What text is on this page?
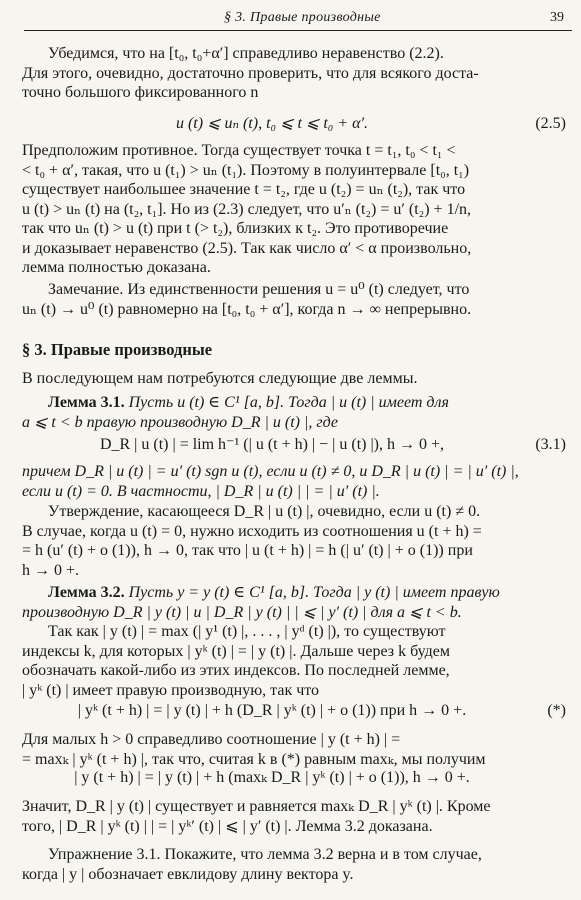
§ 3. Правые производные	39
Убедимся, что на [t₀, t₀+α′] справедливо неравенство (2.2).
Для этого, очевидно, достаточно проверить, что для всякого доста-
точно большого фиксированного n
u (t) ⩽ uₙ (t), t₀ ⩽ t ⩽ t₀ + α′.	(2.5)
Предположим противное. Тогда существует точка t = t₁, t₀ < t₁ <
< t₀ + α′, такая, что u (t₁) > uₙ (t₁). Поэтому в полуинтервале [t₀, t₁)
существует наибольшее значение t = t₂, где u (t₂) = uₙ (t₂), так что
u (t) > uₙ (t) на (t₂, t₁]. Но из (2.3) следует, что u′ₙ (t₂) = u′ (t₂) + 1/n,
так что uₙ (t) > u (t) при t (> t₂), близких к t₂. Это противоречие
и доказывает неравенство (2.5). Так как число α′ < α произвольно,
лемма полностью доказана.
Замечание. Из единственности решения u = u⁰ (t) следует, что
uₙ (t) → u⁰ (t) равномерно на [t₀, t₀ + α′], когда n → ∞ непрерывно.
§ 3. Правые производные
В последующем нам потребуются следующие две леммы.
Лемма 3.1. Пусть u (t) ∈ C¹ [a, b]. Тогда | u (t) | имеет для
a ⩽ t < b правую производную D_R | u (t) |, где
D_R | u (t) | = lim h⁻¹ (| u (t + h) | − | u (t) |), h → 0 +,	(3.1)
причем D_R | u (t) | = u′ (t) sgn u (t), если u (t) ≠ 0, и D_R | u (t) | = | u′ (t) |,
если u (t) = 0. В частности, | D_R | u (t) | | = | u′ (t) |.
Утверждение, касающееся D_R | u (t) |, очевидно, если u (t) ≠ 0.
В случае, когда u (t) = 0, нужно исходить из соотношения u (t + h) =
= h (u′ (t) + o (1)), h → 0, так что | u (t + h) | = h (| u′ (t) | + o (1)) при
h → 0 +.
Лемма 3.2. Пусть y = y (t) ∈ C¹ [a, b]. Тогда | y (t) | имеет правую
производную D_R | y (t) | и | D_R | y (t) | | ⩽ | y′ (t) | для a ⩽ t < b.
Так как | y (t) | = max (| y¹ (t) |, . . . , | yᵈ (t) |), то существуют
индексы k, для которых | yᵏ (t) | = | y (t) |. Дальше через k будем
обозначать какой-либо из этих индексов. По последней лемме,
| yᵏ (t) | имеет правую производную, так что
| yᵏ (t + h) | = | y (t) | + h (D_R | yᵏ (t) | + o (1)) при h → 0 +.	(*)
Для малых h > 0 справедливо соотношение | y (t + h) | =
= maxₖ | yᵏ (t + h) |, так что, считая k в (*) равным maxₖ, мы получим
| y (t + h) | = | y (t) | + h (maxₖ D_R | yᵏ (t) | + o (1)), h → 0 +.
Значит, D_R | y (t) | существует и равняется maxₖ D_R | yᵏ (t) |. Кроме
того, | D_R | yᵏ (t) | | = | yᵏ′ (t) | ⩽ | y′ (t) |. Лемма 3.2 доказана.
Упражнение 3.1. Покажите, что лемма 3.2 верна и в том случае,
когда | y | обозначает евклидову длину вектора y.
